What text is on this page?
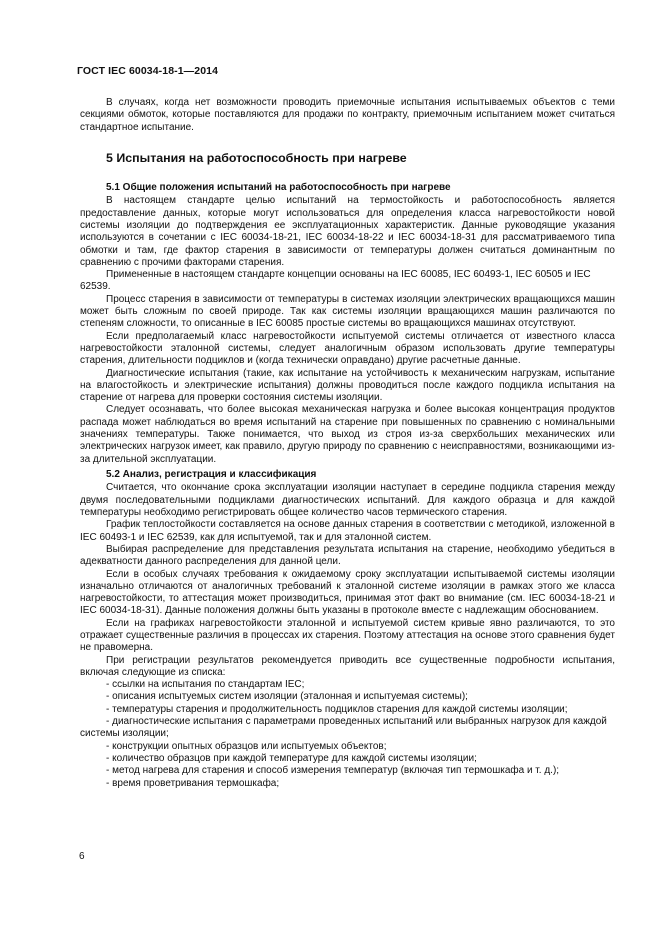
ГОСТ IEC 60034-18-1—2014

В случаях, когда нет возможности проводить приемочные испытания испытываемых объектов с теми секциями обмоток, которые поставляются для продажи по контракту, приемочным испытанием может считаться стандартное испытание.

5 Испытания на работоспособность при нагреве
5.1 Общие положения испытаний на работоспособность при нагреве

В настоящем стандарте целью испытаний на термостойкость и работоспособность является предоставление данных, которые могут использоваться для определения класса нагревостойкости новой системы изоляции до подтверждения ее эксплуатационных характеристик. Данные руководящие указания используются в сочетании с IEC 60034-18-21, IEC 60034-18-22 и IEC 60034-18-31 для рассматриваемого типа обмотки и там, где фактор старения в зависимости от температуры должен считаться доминантным по сравнению с прочими факторами старения.

Примененные в настоящем стандарте концепции основаны на IEC 60085, IEC 60493-1, IEC 60505 и IEC 62539.

Процесс старения в зависимости от температуры в системах изоляции электрических вращающихся машин может быть сложным по своей природе. Так как системы изоляции вращающихся машин различаются по степеням сложности, то описанные в IEC 60085 простые системы во вращающихся машинах отсутствуют.

Если предполагаемый класс нагревостойкости испытуемой системы отличается от известного класса нагревостойкости эталонной системы, следует аналогичным образом использовать другие температуры старения, длительности подциклов и (когда технически оправдано) другие расчетные данные.

Диагностические испытания (такие, как испытание на устойчивость к механическим нагрузкам, испытание на влагостойкость и электрические испытания) должны проводиться после каждого подцикла испытания на старение от нагрева для проверки состояния системы изоляции.

Следует осознавать, что более высокая механическая нагрузка и более высокая концентрация продуктов распада может наблюдаться во время испытаний на старение при повышенных по сравнению с номинальными значениях температуры. Также понимается, что выход из строя из-за сверхбольших механических или электрических нагрузок имеет, как правило, другую природу по сравнению с неисправностями, возникающими из-за длительной эксплуатации.

5.2 Анализ, регистрация и классификация

Считается, что окончание срока эксплуатации изоляции наступает в середине подцикла старения между двумя последовательными подциклами диагностических испытаний. Для каждого образца и для каждой температуры необходимо регистрировать общее количество часов термического старения.

График теплостойкости составляется на основе данных старения в соответствии с методикой, изложенной в IEC 60493-1 и IEC 62539, как для испытуемой, так и для эталонной систем.

Выбирая распределение для представления результата испытания на старение, необходимо убедиться в адекватности данного распределения для данной цели.

Если в особых случаях требования к ожидаемому сроку эксплуатации испытываемой системы изоляции изначально отличаются от аналогичных требований к эталонной системе изоляции в рамках этого же класса нагревостойкости, то аттестация может производиться, принимая этот факт во внимание (см. IEC 60034-18-21 и IEC 60034-18-31). Данные положения должны быть указаны в протоколе вместе с надлежащим обоснованием.

Если на графиках нагревостойкости эталонной и испытуемой систем кривые явно различаются, то это отражает существенные различия в процессах их старения. Поэтому аттестация на основе этого сравнения будет не правомерна.

При регистрации результатов рекомендуется приводить все существенные подробности испытания, включая следующие из списка:

- ссылки на испытания по стандартам IEC;
- описания испытуемых систем изоляции (эталонная и испытуемая системы);
- температуры старения и продолжительность подциклов старения для каждой системы изоляции;
- диагностические испытания с параметрами проведенных испытаний или выбранных нагрузок для каждой системы изоляции;
- конструкции опытных образцов или испытуемых объектов;
- количество образцов при каждой температуре для каждой системы изоляции;
- метод нагрева для старения и способ измерения температур (включая тип термошкафа и т. д.);
- время проветривания термошкафа;
6
